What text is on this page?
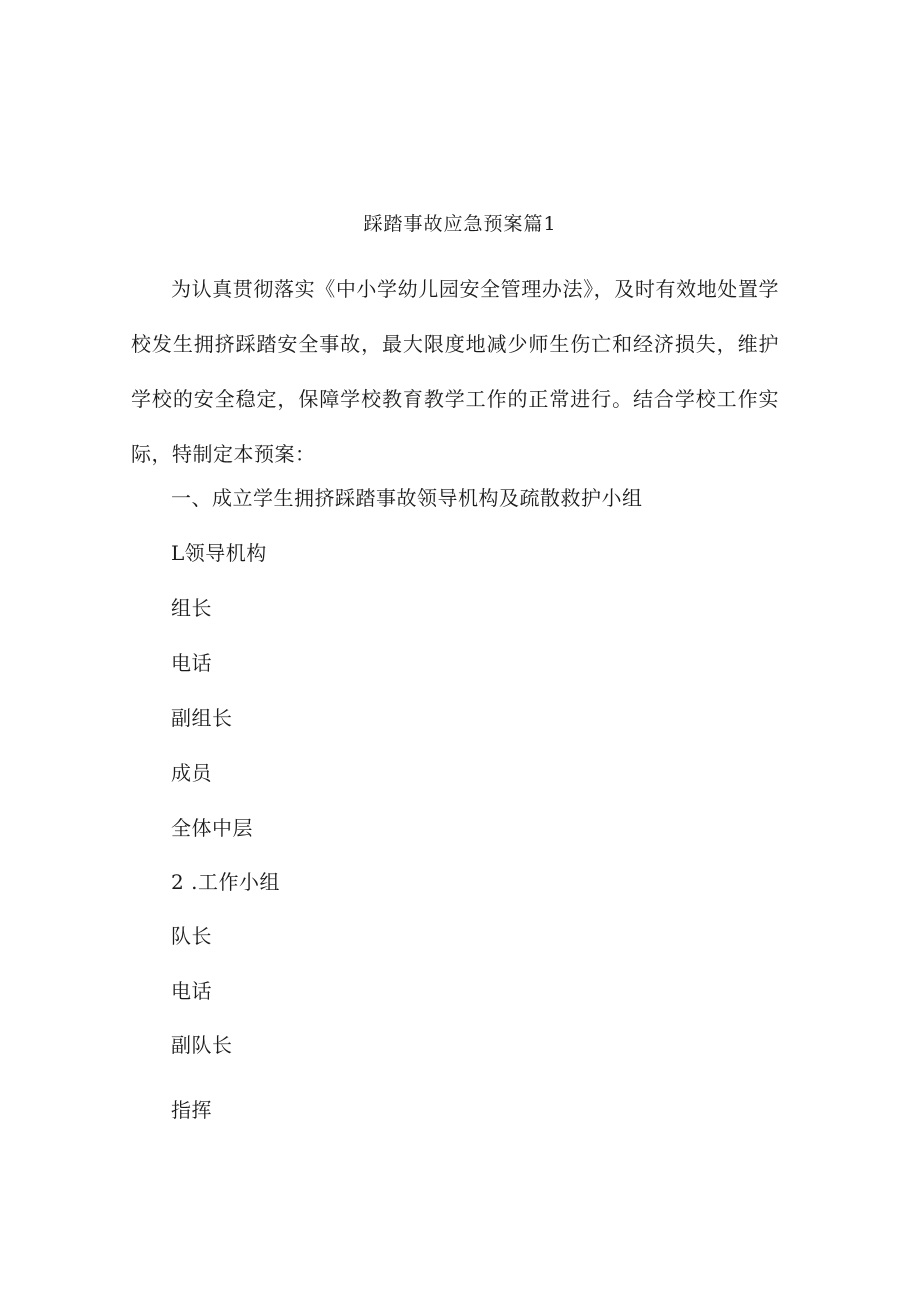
踩踏事故应急预案篇1
为认真贯彻落实《中小学幼儿园安全管理办法》，及时有效地处置学校发生拥挤踩踏安全事故，最大限度地减少师生伤亡和经济损失，维护学校的安全稳定，保障学校教育教学工作的正常进行。结合学校工作实际，特制定本预案：
一、成立学生拥挤踩踏事故领导机构及疏散救护小组
L领导机构
组长
电话
副组长
成员
全体中层
2 .工作小组
队长
电话
副队长
指挥
